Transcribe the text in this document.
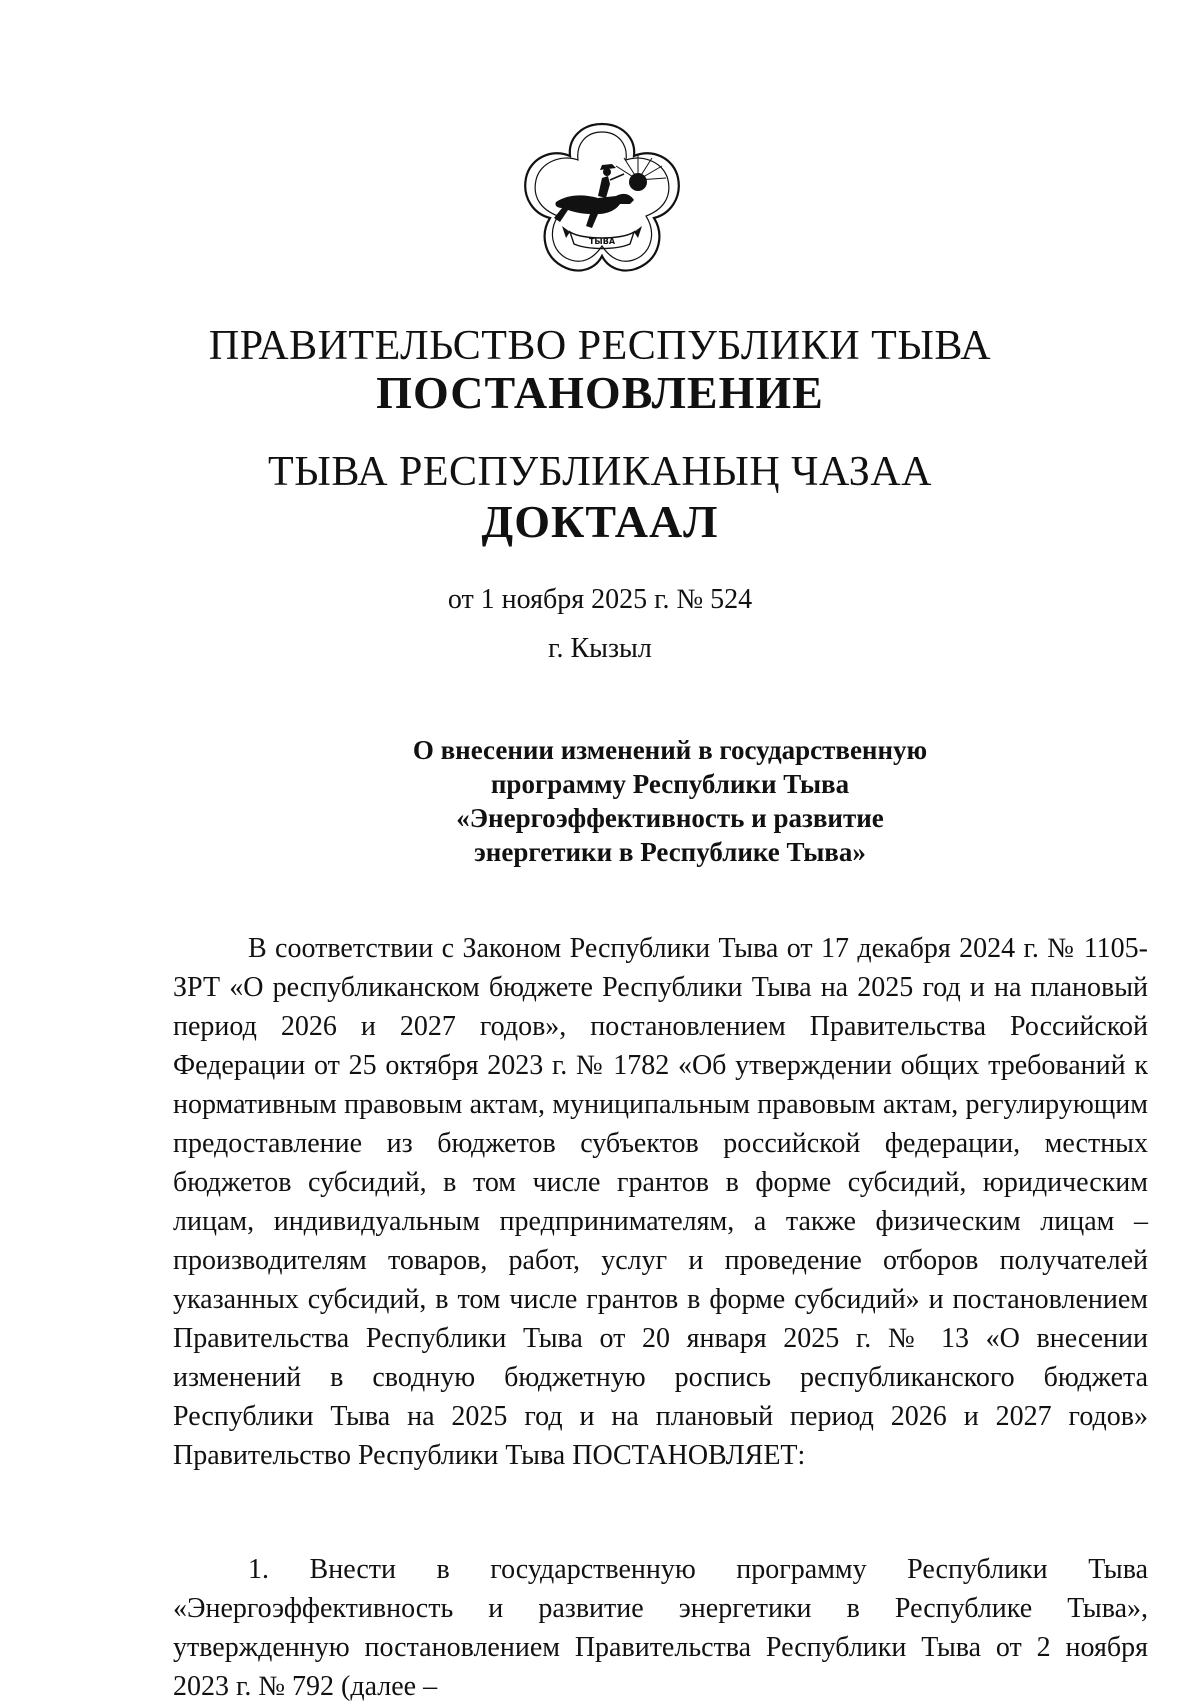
ТЫВА
ПРАВИТЕЛЬСТВО РЕСПУБЛИКИ ТЫВА
ПОСТАНОВЛЕНИЕ
ТЫВА РЕСПУБЛИКАНЫҢ ЧАЗАА
ДОКТААЛ
от 1 ноября 2025 г. № 524
г. Кызыл
О внесении изменений в государственную
программу Республики Тыва
«Энергоэффективность и развитие
энергетики в Республике Тыва»

В соответствии с Законом Республики Тыва от 17 декабря 2024 г. № 1105-ЗРТ «О республиканском бюджете Республики Тыва на 2025 год и на плановый период 2026 и 2027 годов», постановлением Правительства Российской Федерации от 25 октября 2023 г. № 1782 «Об утверждении общих требований к нормативным правовым актам, муниципальным правовым актам, регулирующим предоставление из бюджетов субъектов российской федерации, местных бюджетов субсидий, в том числе грантов в форме субсидий, юридическим лицам, индивидуальным предпринимателям, а также физическим лицам – производителям товаров, работ, услуг и проведение отборов получателей указанных субсидий, в том числе грантов в форме субсидий» и постановлением Правительства Республики Тыва от 20 января 2025 г. № 13 «О внесении изменений в сводную бюджетную роспись республиканского бюджета Республики Тыва на 2025 год и на плановый период 2026 и 2027 годов» Правительство Республики Тыва ПОСТАНОВЛЯЕТ:

1. Внести в государственную программу Республики Тыва «Энергоэффективность и развитие энергетики в Республике Тыва», утвержденную постановлением Правительства Республики Тыва от 2 ноября 2023 г. № 792 (далее –
